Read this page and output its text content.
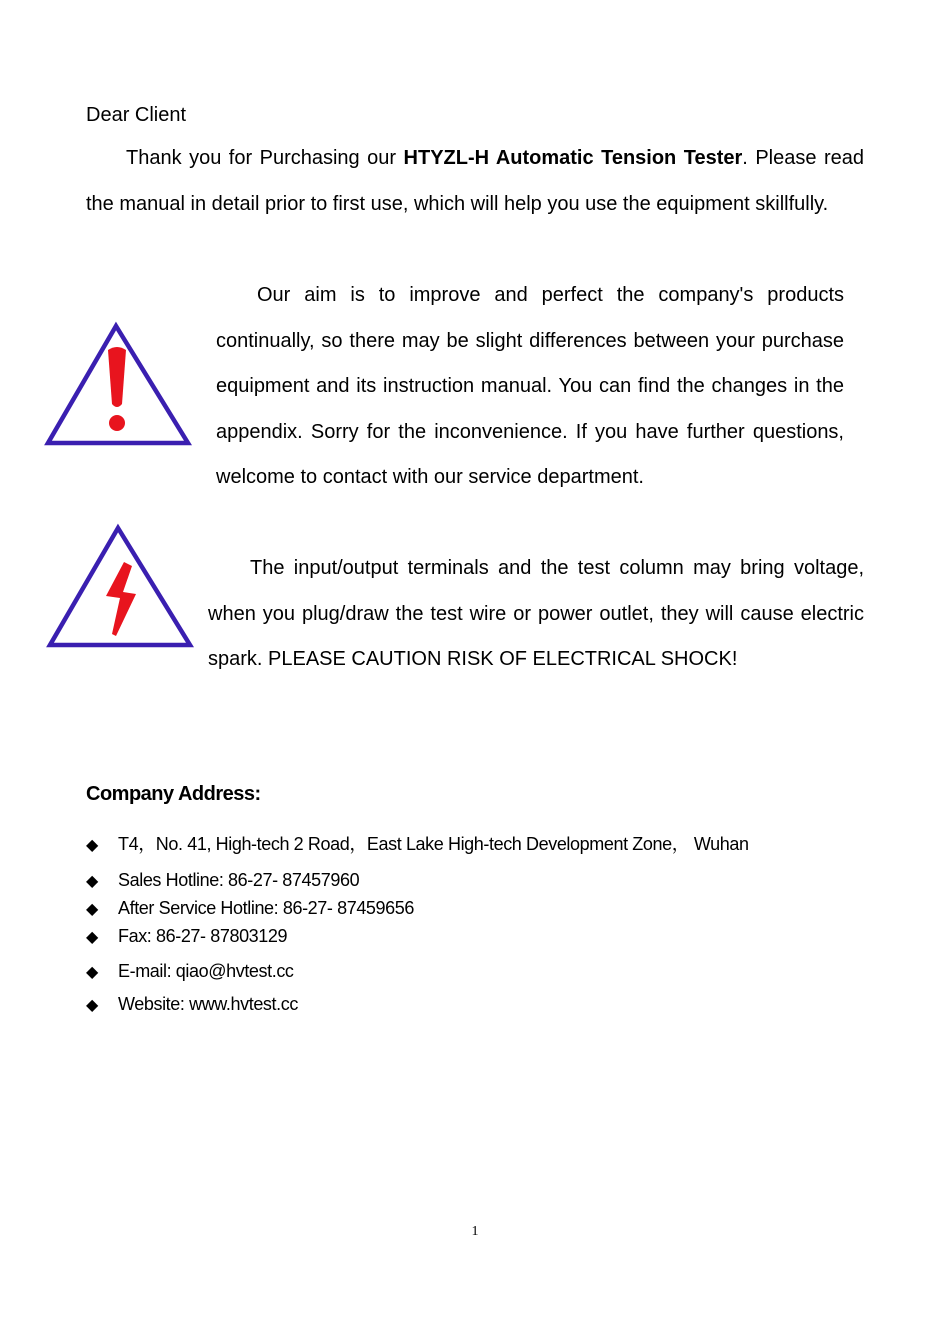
Dear Client

Thank you for Purchasing our HTYZL-H Automatic Tension Tester. Please read the manual in detail prior to first use, which will help you use the equipment skillfully.

Our aim is to improve and perfect the company's products continually, so there may be slight differences between your purchase equipment and its instruction manual. You can find the changes in the appendix. Sorry for the inconvenience. If you have further questions, welcome to contact with our service department.

The input/output terminals and the test column may bring voltage, when you plug/draw the test wire or power outlet, they will cause electric spark. PLEASE CAUTION RISK OF ELECTRICAL SHOCK!

Company Address:
◆ T4，No. 41, High-tech 2 Road，East Lake High-tech Development Zone， Wuhan
◆ Sales Hotline: 86-27- 87457960
◆ After Service Hotline: 86-27- 87459656
◆ Fax: 86-27- 87803129
◆ E-mail: qiao@hvtest.cc
◆ Website: www.hvtest.cc
1
